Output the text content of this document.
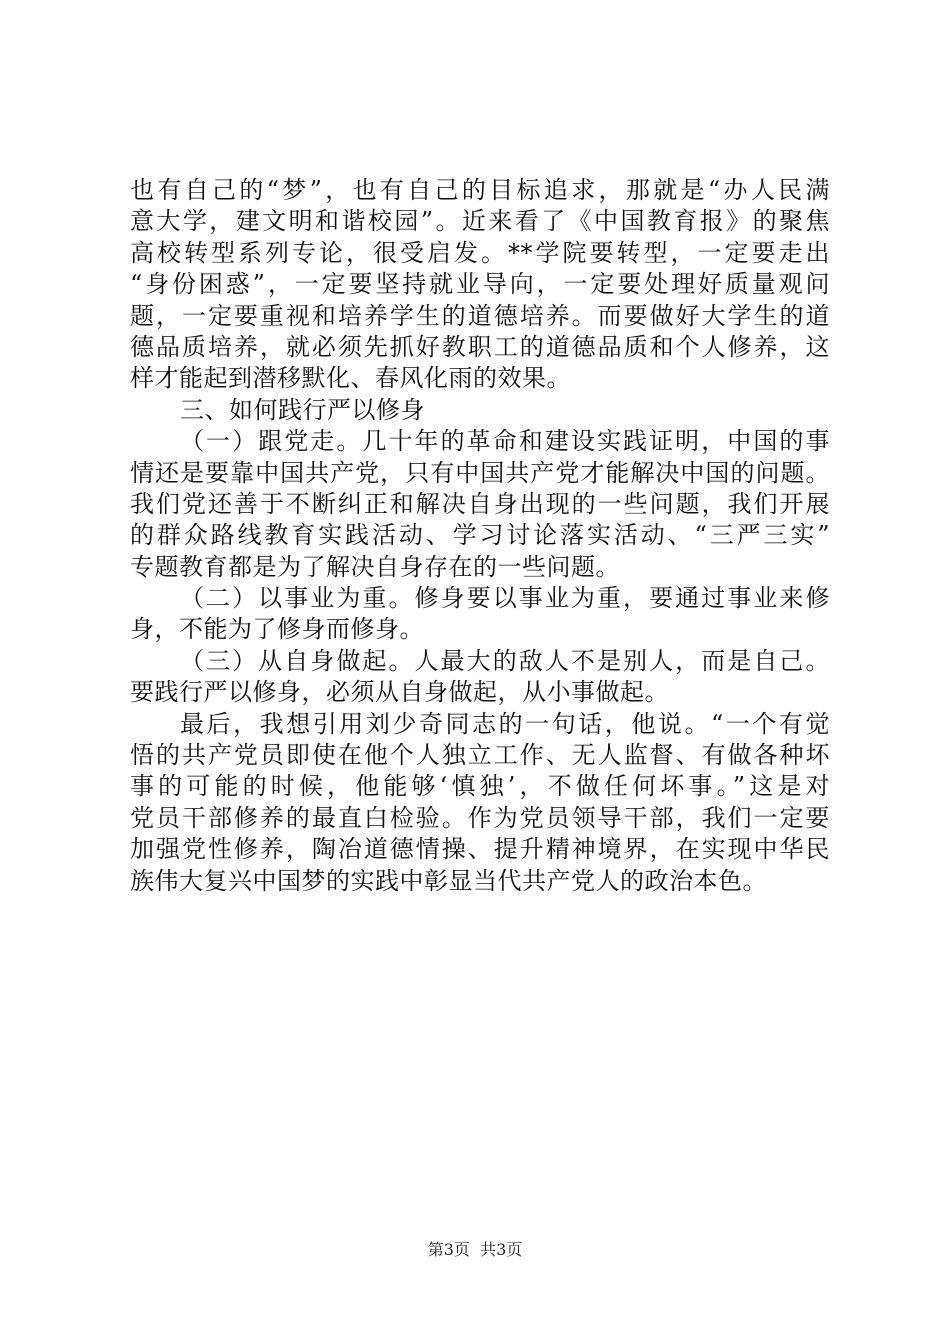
也有自己的“梦”，也有自己的目标追求，那就是“办人民满
意大学，建文明和谐校园”。近来看了《中国教育报》的聚焦
高校转型系列专论，很受启发。**学院要转型，一定要走出
“身份困惑”，一定要坚持就业导向，一定要处理好质量观问
题，一定要重视和培养学生的道德培养。而要做好大学生的道
德品质培养，就必须先抓好教职工的道德品质和个人修养，这
样才能起到潜移默化、春风化雨的效果。
三、如何践行严以修身
（一）跟党走。几十年的革命和建设实践证明，中国的事
情还是要靠中国共产党，只有中国共产党才能解决中国的问题。
我们党还善于不断纠正和解决自身出现的一些问题，我们开展
的群众路线教育实践活动、学习讨论落实活动、“三严三实”
专题教育都是为了解决自身存在的一些问题。
（二）以事业为重。修身要以事业为重，要通过事业来修
身，不能为了修身而修身。
（三）从自身做起。人最大的敌人不是别人，而是自己。
要践行严以修身，必须从自身做起，从小事做起。
最后，我想引用刘少奇同志的一句话，他说。“一个有觉
悟的共产党员即使在他个人独立工作、无人监督、有做各种坏
事的可能的时候，他能够‘慎独’，不做任何坏事。”这是对
党员干部修养的最直白检验。作为党员领导干部，我们一定要
加强党性修养，陶冶道德情操、提升精神境界，在实现中华民
族伟大复兴中国梦的实践中彰显当代共产党人的政治本色。
第3页  共3页
